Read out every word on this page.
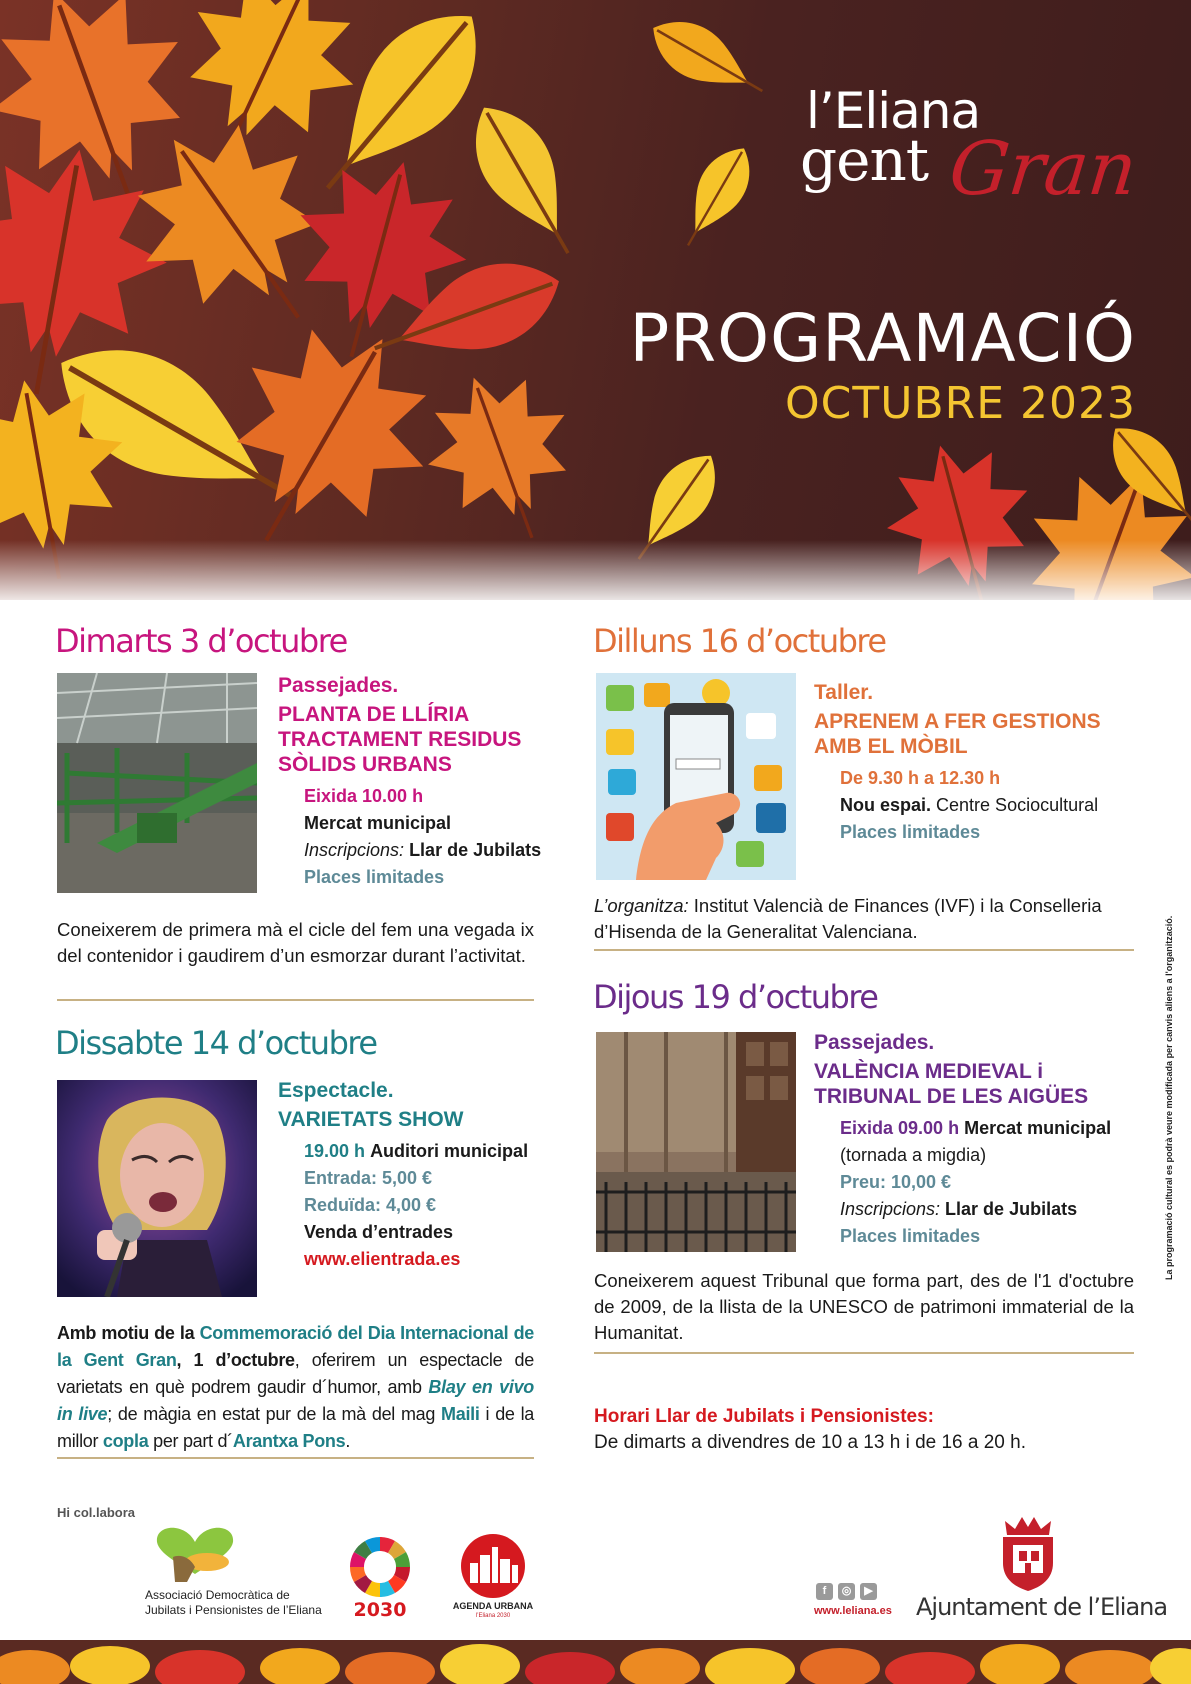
l’Eliana
gent Gran
PROGRAMACIÓ
OCTUBRE 2023
Dimarts 3 d’octubre
Passejades.
PLANTA DE LLÍRIA
TRACTAMENT RESIDUS
SÒLIDS URBANS
Eixida 10.00 h
Mercat municipal
Inscripcions: Llar de Jubilats
Places limitades
Coneixerem de primera mà el cicle del fem una vegada ix del contenidor i gaudirem d’un esmorzar durant l’activitat.
Dissabte 14 d’octubre
Espectacle.
VARIETATS SHOW
19.00 h Auditori municipal
Entrada: 5,00 €
Reduïda: 4,00 €
Venda d’entrades
www.elientrada.es
Amb motiu de la Commemoració del Dia Internacional de la Gent Gran, 1 d’octubre, oferirem un espectacle de varietats en què podrem gaudir d´humor, amb Blay en vivo in live; de màgia en estat pur de la mà del mag Maili i de la millor copla per part d´Arantxa Pons.
Dilluns 16 d’octubre
Taller.
APRENEM A FER GESTIONS
AMB EL MÒBIL
De 9.30 h a 12.30 h
Nou espai. Centre Sociocultural
Places limitades
L’organitza: Institut Valencià de Finances (IVF) i la Conselleria d’Hisenda de la Generalitat Valenciana.
Dijous 19 d’octubre
Passejades.
VALÈNCIA MEDIEVAL i
TRIBUNAL DE LES AIGÜES
Eixida 09.00 h Mercat municipal
(tornada a migdia)
Preu: 10,00 €
Inscripcions: Llar de Jubilats
Places limitades
Coneixerem aquest Tribunal que forma part, des de l'1 d'octubre de 2009, de la llista de la UNESCO de patrimoni immaterial de la Humanitat.
Horari Llar de Jubilats i Pensionistes:
De dimarts a divendres de 10 a 13 h i de 16 a 20 h.
La programació cultural es podrà veure modificada per canvis aliens a l'organització.
Hi col.labora
Associació Democràtica de
Jubilats i Pensionistes de l’Eliana	2030	AGENDA URBANA
l’Eliana 2030
f	◎	▶
www.leliana.es Ajuntament de l’Eliana
